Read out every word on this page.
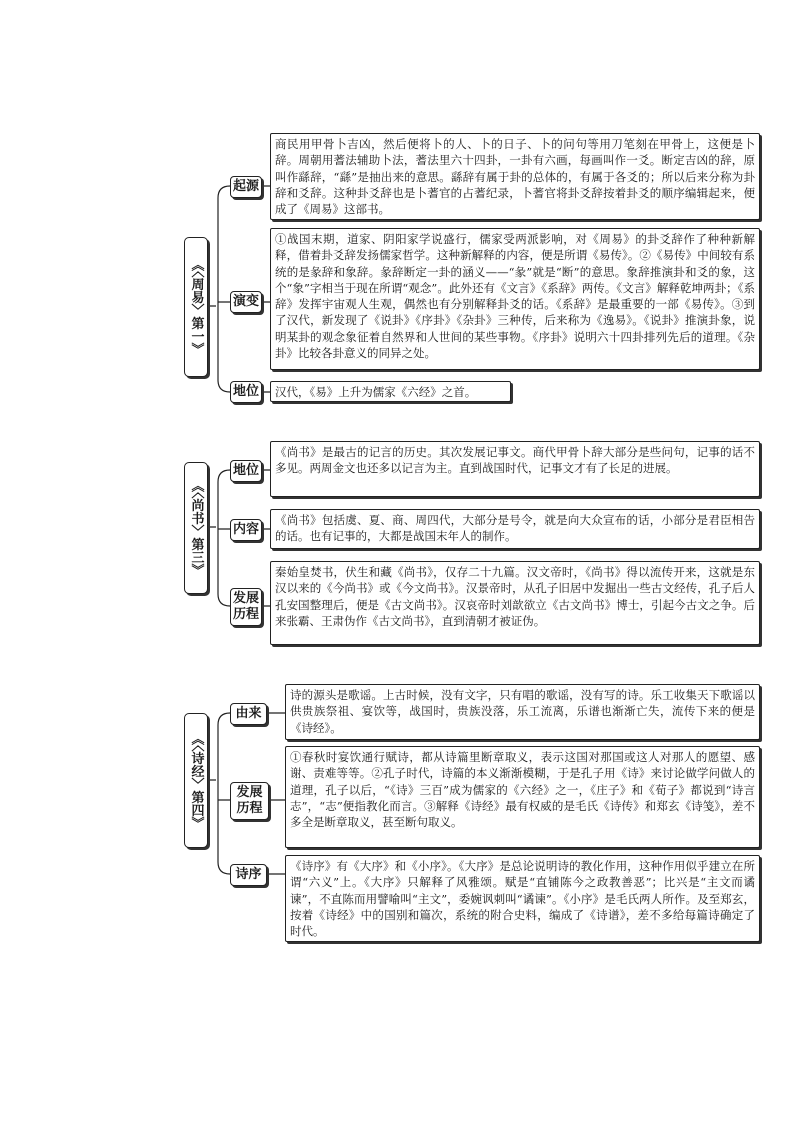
《〈周易〉第一》
起源
商民用甲骨卜吉凶，然后便将卜的人、卜的日子、卜的问句等用刀笔刻在甲骨上，这便是卜辞。周朝用蓍法辅助卜法，蓍法里六十四卦，一卦有六画，每画叫作一爻。断定吉凶的辞，原叫作繇辞，“繇”是抽出来的意思。繇辞有属于卦的总体的，有属于各爻的；所以后来分称为卦辞和爻辞。这种卦爻辞也是卜蓍官的占蓍纪录，卜蓍官将卦爻辞按着卦爻的顺序编辑起来，便成了《周易》这部书。
演变
①战国末期，道家、阴阳家学说盛行，儒家受两派影响，对《周易》的卦爻辞作了种种新解释，借着卦爻辞发扬儒家哲学。这种新解释的内容，便是所谓《易传》。②《易传》中间较有系统的是彖辞和象辞。彖辞断定一卦的涵义——“彖”就是“断”的意思。象辞推演卦和爻的象，这个“象”字相当于现在所谓“观念”。此外还有《文言》《系辞》两传。《文言》解释乾坤两卦；《系辞》发挥宇宙观人生观，偶然也有分别解释卦爻的话。《系辞》是最重要的一部《易传》。③到了汉代，新发现了《说卦》《序卦》《杂卦》三种传，后来称为《逸易》。《说卦》推演卦象，说明某卦的观念象征着自然界和人世间的某些事物。《序卦》说明六十四卦排列先后的道理。《杂卦》比较各卦意义的同异之处。
地位	汉代，《易》上升为儒家《六经》之首。
《〈尚书〉第三》
地位
《尚书》是最古的记言的历史。其次发展记事文。商代甲骨卜辞大部分是些问句，记事的话不多见。两周金文也还多以记言为主。直到战国时代，记事文才有了长足的进展。
内容
《尚书》包括虞、夏、商、周四代，大部分是号令，就是向大众宣布的话，小部分是君臣相告的话。也有记事的，大都是战国末年人的制作。
发展
历程
秦始皇焚书，伏生和藏《尚书》，仅存二十九篇。汉文帝时，《尚书》得以流传开来，这就是东汉以来的《今尚书》或《今文尚书》。汉景帝时，从孔子旧居中发掘出一些古文经传，孔子后人孔安国整理后，便是《古文尚书》。汉哀帝时刘歆欲立《古文尚书》博士，引起今古文之争。后来张霸、王肃伪作《古文尚书》，直到清朝才被证伪。
《〈诗经〉第四》
由来
诗的源头是歌谣。上古时候，没有文字，只有唱的歌谣，没有写的诗。乐工收集天下歌谣以供贵族祭祖、宴饮等，战国时，贵族没落，乐工流离，乐谱也渐渐亡失，流传下来的便是《诗经》。
发展
历程
①春秋时宴饮通行赋诗，都从诗篇里断章取义，表示这国对那国或这人对那人的愿望、感谢、责难等等。②孔子时代，诗篇的本义渐渐模糊，于是孔子用《诗》来讨论做学问做人的道理，孔子以后，“《诗》三百”成为儒家的《六经》之一，《庄子》和《荀子》都说到“诗言志”，“志”便指教化而言。③解释《诗经》最有权威的是毛氏《诗传》和郑玄《诗笺》，差不多全是断章取义，甚至断句取义。
诗序
《诗序》有《大序》和《小序》。《大序》是总论说明诗的教化作用，这种作用似乎建立在所谓“六义”上。《大序》只解释了风雅颂。赋是“直铺陈今之政教善恶”；比兴是“主文而谲谏”，不直陈而用譬喻叫“主文”，委婉讽刺叫“谲谏”。《小序》是毛氏两人所作。及至郑玄，按着《诗经》中的国别和篇次，系统的附合史料，编成了《诗谱》，差不多给每篇诗确定了时代。
